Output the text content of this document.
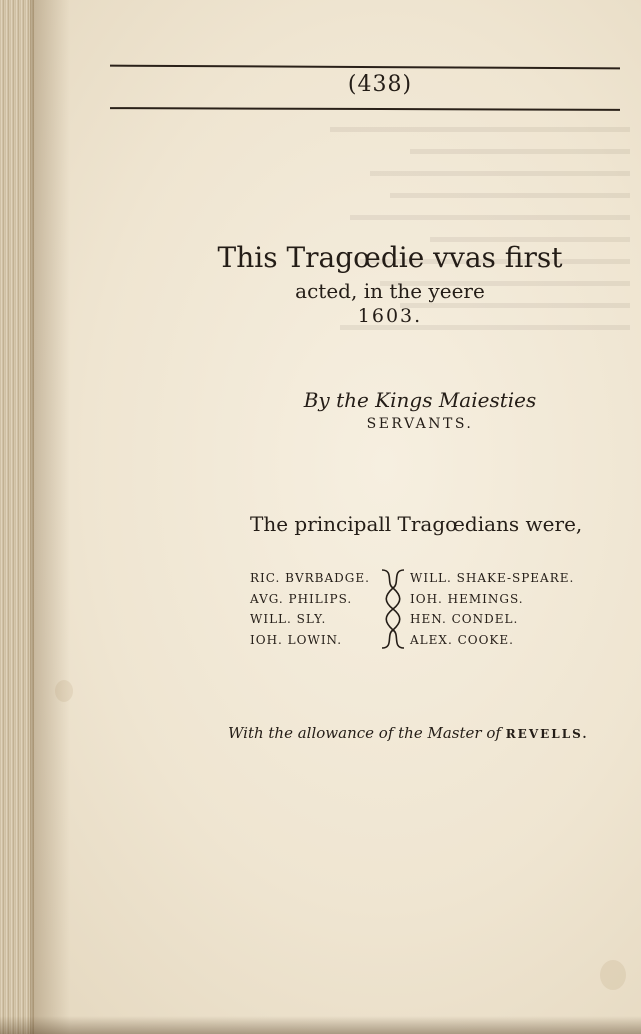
(438)
This Tragœdie vvas first
acted, in the yeere
1603.
By the Kings Maiesties
SERVANTS.
The principall Tragœdians were,
RIC. BVRBADGE.
AVG. PHILIPS.
WILL. SLY.
IOH. LOWIN.
WILL. SHAKE-SPEARE.
IOH. HEMINGS.
HEN. CONDEL.
ALEX. COOKE.
With the allowance of the Master of REVELLS.
